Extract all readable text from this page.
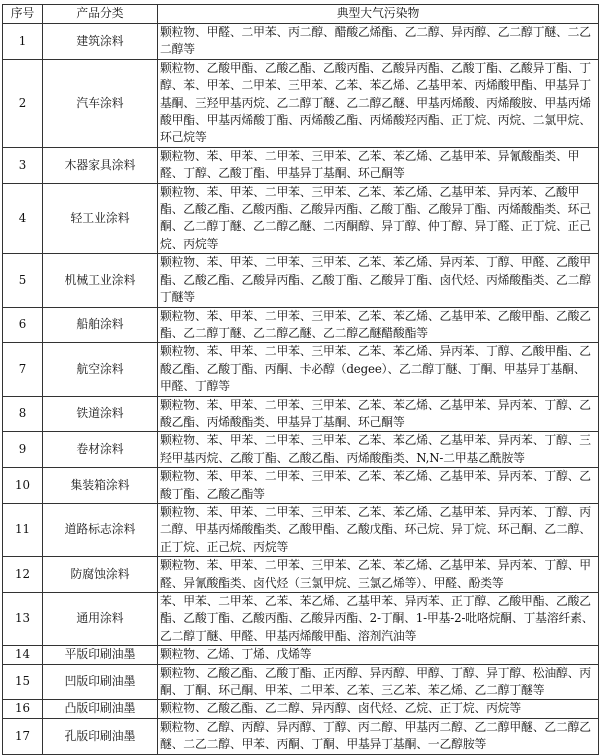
序号	产品分类	典型大气污染物
1	建筑涂料	颗粒物、甲醛、二甲苯、丙二醇、醋酸乙烯酯、乙二醇、异丙醇、乙二醇丁醚、二乙二醇等
2	汽车涂料	颗粒物、乙酸甲酯、乙酸乙酯、乙酸丙酯、乙酸异丙酯、乙酸丁酯、乙酸异丁酯、丁醇、苯、甲苯、二甲苯、三甲苯、乙苯、苯乙烯、乙基甲苯、丙烯酸甲酯、甲基异丁基酮、三羟甲基丙烷、乙二醇丁醚、乙二醇乙醚、甲基丙烯酸、丙烯酸胺、甲基丙烯酸甲酯、甲基丙烯酸丁酯、丙烯酸乙酯、丙烯酸羟丙酯、正丁烷、丙烷、二氯甲烷、环己烷等
3	木器家具涂料	颗粒物、苯、甲苯、二甲苯、三甲苯、乙苯、苯乙烯、乙基甲苯、异氰酸酯类、甲醛、丁醇、乙酸丁酯、甲基异丁基酮、环己酮等
4	轻工业涂料	颗粒物、苯、甲苯、二甲苯、三甲苯、乙苯、苯乙烯、乙基甲苯、异丙苯、乙酸甲酯、乙酸乙酯、乙酸丙酯、乙酸异丙酯、乙酸丁酯、乙酸异丁酯、丙烯酸酯类、环己酮、乙二醇丁醚、乙二醇乙醚、二丙酮醇、异丁醇、仲丁醇、异丁醛、正丁烷、正己烷、丙烷等
5	机械工业涂料	颗粒物、苯、甲苯、二甲苯、三甲苯、乙苯、苯乙烯、异丙苯、丁醇、甲醛、乙酸甲酯、乙酸乙酯、乙酸异丙酯、乙酸丁酯、乙酸异丁酯、卤代烃、丙烯酸酯类、乙二醇丁醚等
6	船舶涂料	颗粒物、苯、甲苯、二甲苯、三甲苯、乙苯、苯乙烯、乙基甲苯、乙酸甲酯、乙酸乙酯、乙二醇丁醚、乙二醇乙醚、乙二醇乙醚醋酸酯等
7	航空涂料	颗粒物、苯、甲苯、二甲苯、三甲苯、乙苯、苯乙烯、异丙苯、丁醇、乙酸甲酯、乙酸乙酯、乙酸丁酯、丙酮、卡必醇（degee）、乙二醇丁醚、丁酮、甲基异丁基酮、甲醛、丁醇等
8	铁道涂料	颗粒物、苯、甲苯、二甲苯、三甲苯、乙苯、苯乙烯、乙基甲苯、异丙苯、丁醇、乙酸乙酯、丙烯酸酯类、甲基异丁基酮、环己酮等
9	卷材涂料	颗粒物、苯、甲苯、二甲苯、三甲苯、乙苯、苯乙烯、乙基甲苯、异丙苯、丁醇、三羟甲基丙烷、乙酸丁酯、乙酸乙酯、丙烯酸酯类、N,N-二甲基乙酰胺等
10	集装箱涂料	颗粒物、苯、甲苯、二甲苯、三甲苯、乙苯、苯乙烯、乙基甲苯、异丙苯、丁醇、乙酸丁酯、乙酸乙酯等
11	道路标志涂料	颗粒物、苯、甲苯、二甲苯、三甲苯、乙苯、苯乙烯、乙基甲苯、异丙苯、丁醇、丙二醇、甲基丙烯酸酯类、乙酸甲酯、乙酸戊酯、环己烷、异丁烷、环己酮、乙二醇、正丁烷、正己烷、丙烷等
12	防腐蚀涂料	颗粒物、苯、甲苯、二甲苯、三甲苯、乙苯、苯乙烯、乙基甲苯、异丙苯、丁醇、甲醛、异氰酸酯类、卤代烃（三氯甲烷、三氯乙烯等）、甲醛、酚类等
13	通用涂料	苯、甲苯、二甲苯、乙苯、苯乙烯、乙基甲苯、异丙苯、正丁醇、乙酸甲酯、乙酸乙酯、乙酸丁酯、乙酸丙酯、乙酸异丙酯、2-丁酮、1-甲基-2-吡咯烷酮、丁基溶纤素、乙二醇丁醚、甲醛、甲基丙烯酸甲酯、溶剂汽油等
14	平版印刷油墨	颗粒物、乙烯、丁烯、戊烯等
15	凹版印刷油墨	颗粒物、乙酸乙酯、乙酸丁酯、正丙醇、异丙醇、甲醇、丁醇、异丁醇、松油醇、丙酮、丁酮、环己酮、甲苯、二甲苯、乙苯、三乙苯、苯乙烯、乙二醇丁醚等
16	凸版印刷油墨	颗粒物、乙酸乙酯、乙二醇、异丙醇、卤代烃、乙烷、正丁烷、丙烷等
17	孔版印刷油墨	颗粒物、乙醇、丙醇、异丙醇、丁醇、丙二醇、甲基丙二醇、乙二醇甲醚、乙二醇乙醚、二乙二醇、甲苯、丙酮、丁酮、甲基异丁基酮、一乙醇胺等
